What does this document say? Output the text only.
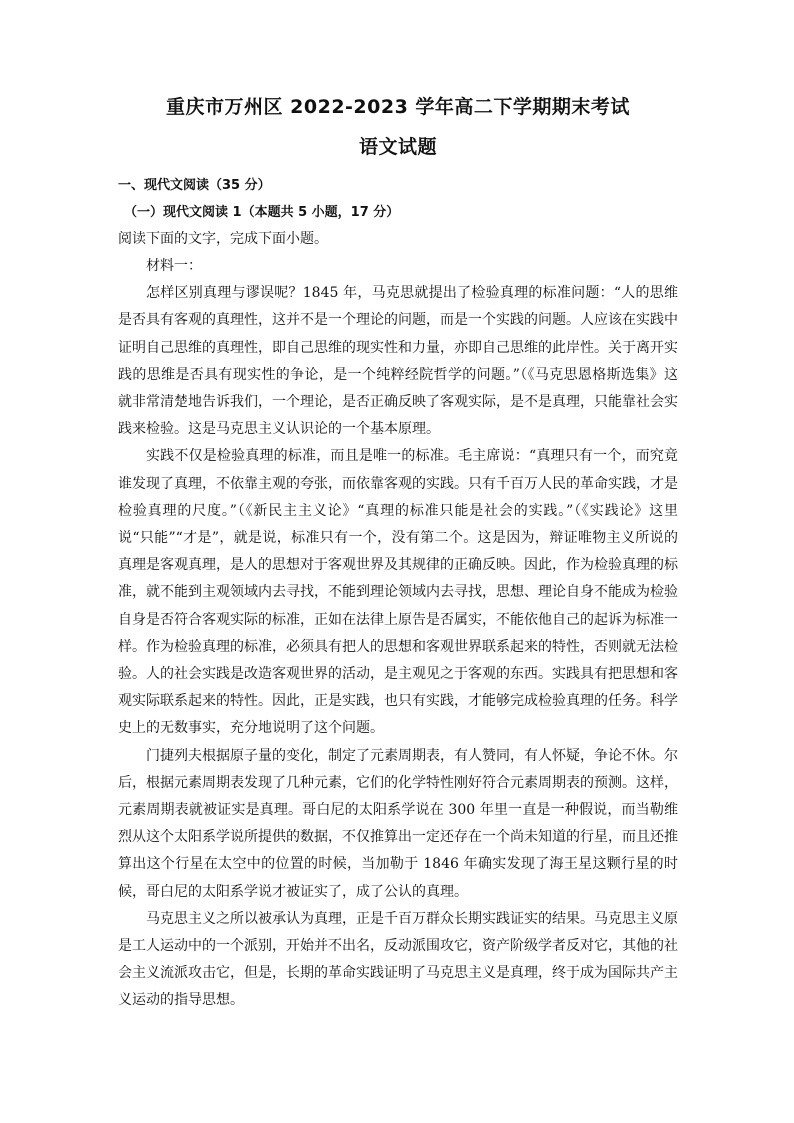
重庆市万州区 2022-2023 学年高二下学期期末考试
语文试题

一、现代文阅读（35 分）

（一）现代文阅读 1（本题共 5 小题，17 分）

阅读下面的文字，完成下面小题。

材料一：

怎样区别真理与谬误呢？1845 年，马克思就提出了检验真理的标准问题：“人的思维是否具有客观的真理性，这并不是一个理论的问题，而是一个实践的问题。人应该在实践中证明自己思维的真理性，即自己思维的现实性和力量，亦即自己思维的此岸性。关于离开实践的思维是否具有现实性的争论，是一个纯粹经院哲学的问题。”（《马克思恩格斯选集》这就非常清楚地告诉我们，一个理论，是否正确反映了客观实际，是不是真理，只能靠社会实践来检验。这是马克思主义认识论的一个基本原理。

实践不仅是检验真理的标准，而且是唯一的标准。毛主席说：“真理只有一个，而究竟谁发现了真理，不依靠主观的夸张，而依靠客观的实践。只有千百万人民的革命实践，才是检验真理的尺度。”（《新民主主义论》“真理的标准只能是社会的实践。”（《实践论》这里说“只能”“才是”，就是说，标准只有一个，没有第二个。这是因为，辩证唯物主义所说的真理是客观真理，是人的思想对于客观世界及其规律的正确反映。因此，作为检验真理的标准，就不能到主观领域内去寻找，不能到理论领域内去寻找，思想、理论自身不能成为检验自身是否符合客观实际的标准，正如在法律上原告是否属实，不能依他自己的起诉为标准一样。作为检验真理的标准，必须具有把人的思想和客观世界联系起来的特性，否则就无法检验。人的社会实践是改造客观世界的活动，是主观见之于客观的东西。实践具有把思想和客观实际联系起来的特性。因此，正是实践，也只有实践，才能够完成检验真理的任务。科学史上的无数事实，充分地说明了这个问题。

门捷列夫根据原子量的变化，制定了元素周期表，有人赞同，有人怀疑，争论不休。尔后，根据元素周期表发现了几种元素，它们的化学特性刚好符合元素周期表的预测。这样，元素周期表就被证实是真理。哥白尼的太阳系学说在 300 年里一直是一种假说，而当勒维烈从这个太阳系学说所提供的数据，不仅推算出一定还存在一个尚未知道的行星，而且还推算出这个行星在太空中的位置的时候，当加勒于 1846 年确实发现了海王星这颗行星的时候，哥白尼的太阳系学说才被证实了，成了公认的真理。

马克思主义之所以被承认为真理，正是千百万群众长期实践证实的结果。马克思主义原是工人运动中的一个派别，开始并不出名，反动派围攻它，资产阶级学者反对它，其他的社会主义流派攻击它，但是，长期的革命实践证明了马克思主义是真理，终于成为国际共产主义运动的指导思想。
